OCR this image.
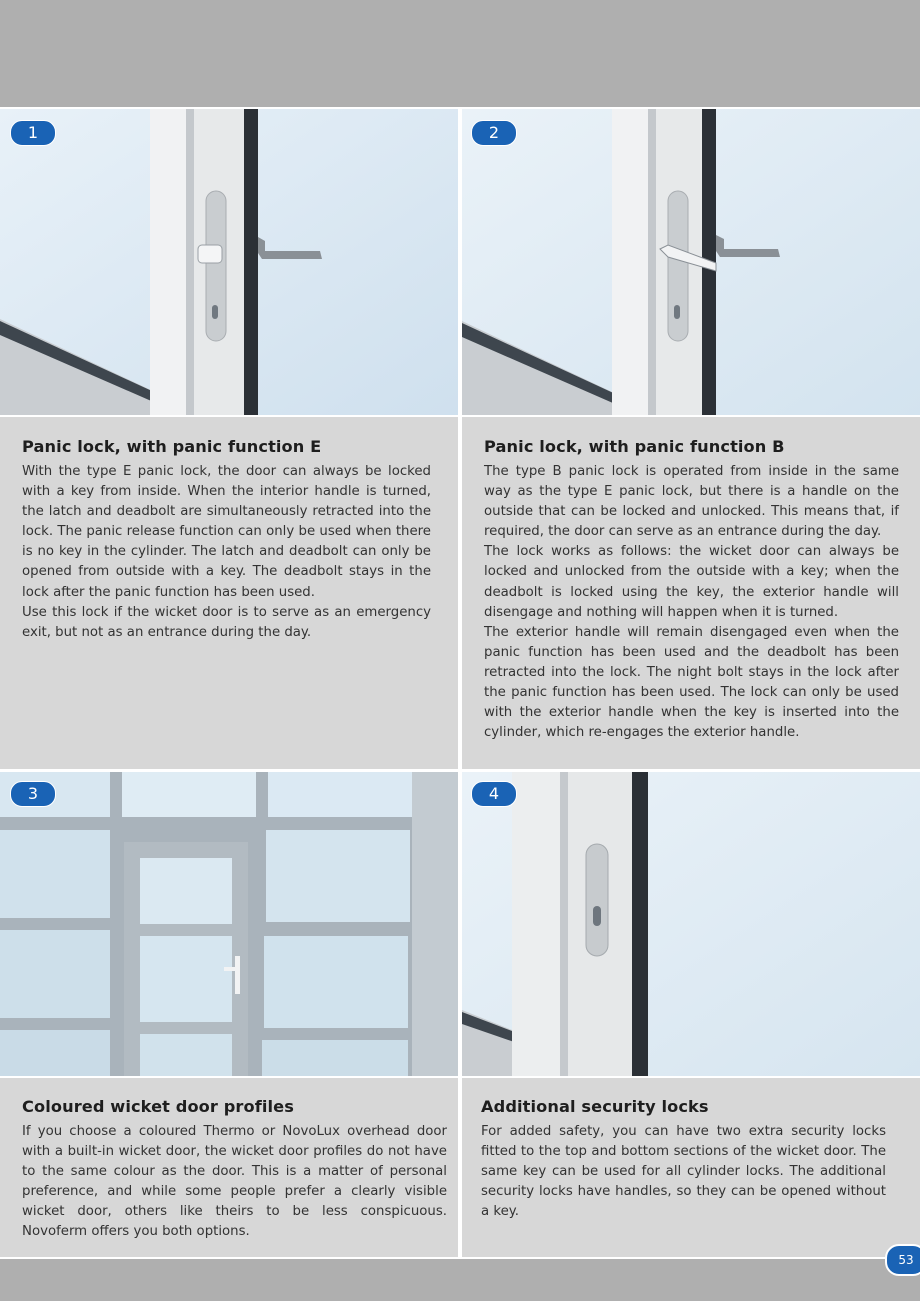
Panic lock, with panic function E

With the type E panic lock, the door can always be locked with a key from inside. When the interior handle is turned, the latch and deadbolt are simultaneously retracted into the lock. The panic release function can only be used when there is no key in the cylinder. The latch and deadbolt can only be opened from outside with a key. The deadbolt stays in the lock after the panic function has been used.

Use this lock if the wicket door is to serve as an emergency exit, but not as an entrance during the day.

Panic lock, with panic function B

The type B panic lock is operated from inside in the same way as the type E panic lock, but there is a handle on the outside that can be locked and unlocked. This means that, if required, the door can serve as an entrance during the day.

The lock works as follows: the wicket door can always be locked and unlocked from the outside with a key; when the deadbolt is locked using the key, the exterior handle will disengage and nothing will happen when it is turned.

The exterior handle will remain disengaged even when the panic function has been used and the deadbolt has been retracted into the lock. The night bolt stays in the lock after the panic function has been used. The lock can only be used with the exterior handle when the key is inserted into the cylinder, which re-engages the exterior handle.

Coloured wicket door profiles

If you choose a coloured Thermo or NovoLux overhead door with a built-in wicket door, the wicket door profiles do not have to the same colour as the door. This is a matter of personal preference, and while some people prefer a clearly visible wicket door, others like theirs to be less conspicuous. Novoferm offers you both options.

Additional security locks

For added safety, you can have two extra security locks fitted to the top and bottom sections of the wicket door. The same key can be used for all cylinder locks. The additional security locks have handles, so they can be opened without a key.

1	2
3	4
53
